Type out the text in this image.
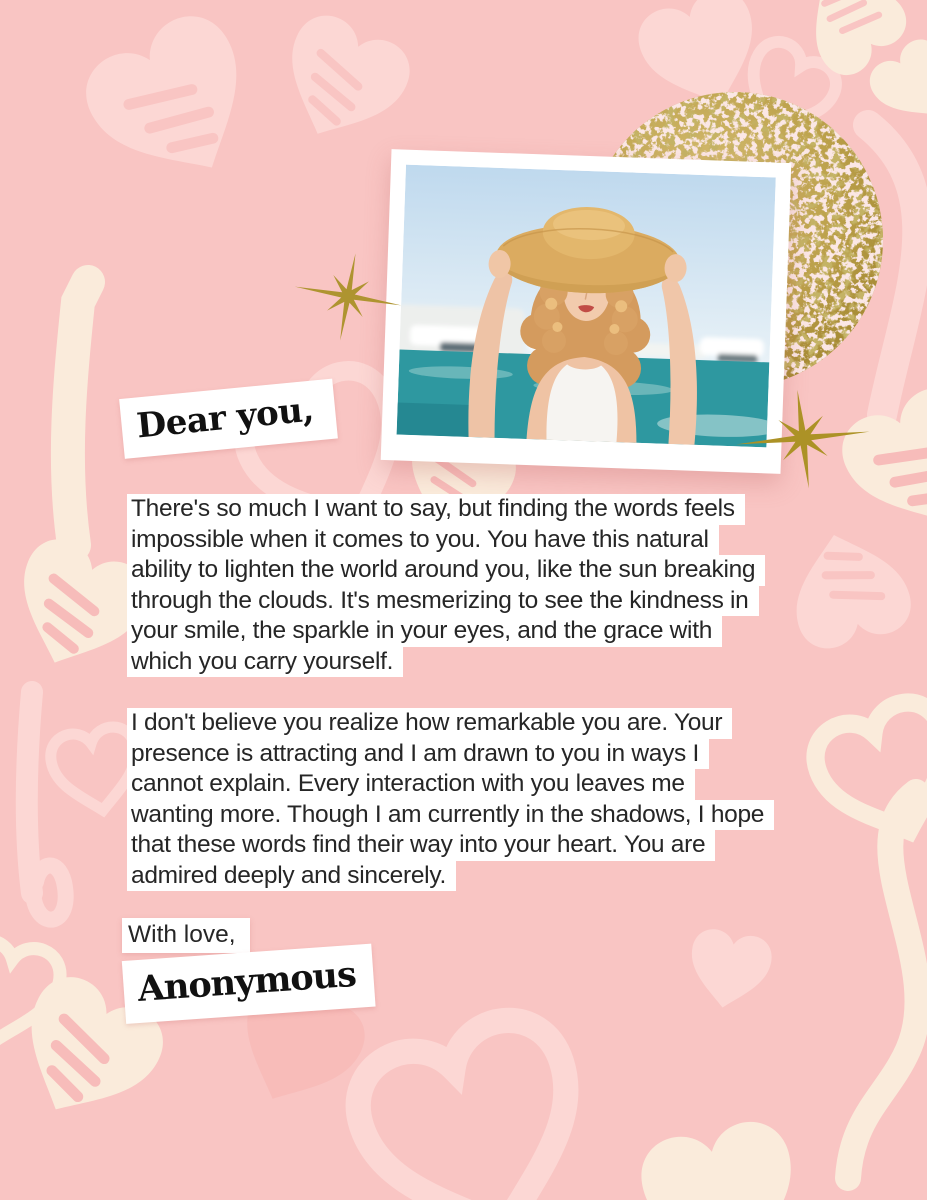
Dear you,
There's so much I want to say, but finding the words feels
impossible when it comes to you. You have this natural
ability to lighten the world around you, like the sun breaking
through the clouds. It's mesmerizing to see the kindness in
your smile, the sparkle in your eyes, and the grace with
which you carry yourself.
I don't believe you realize how remarkable you are. Your
presence is attracting and I am drawn to you in ways I
cannot explain. Every interaction with you leaves me
wanting more. Though I am currently in the shadows, I hope
that these words find their way into your heart. You are
admired deeply and sincerely.
With love,
Anonymous
